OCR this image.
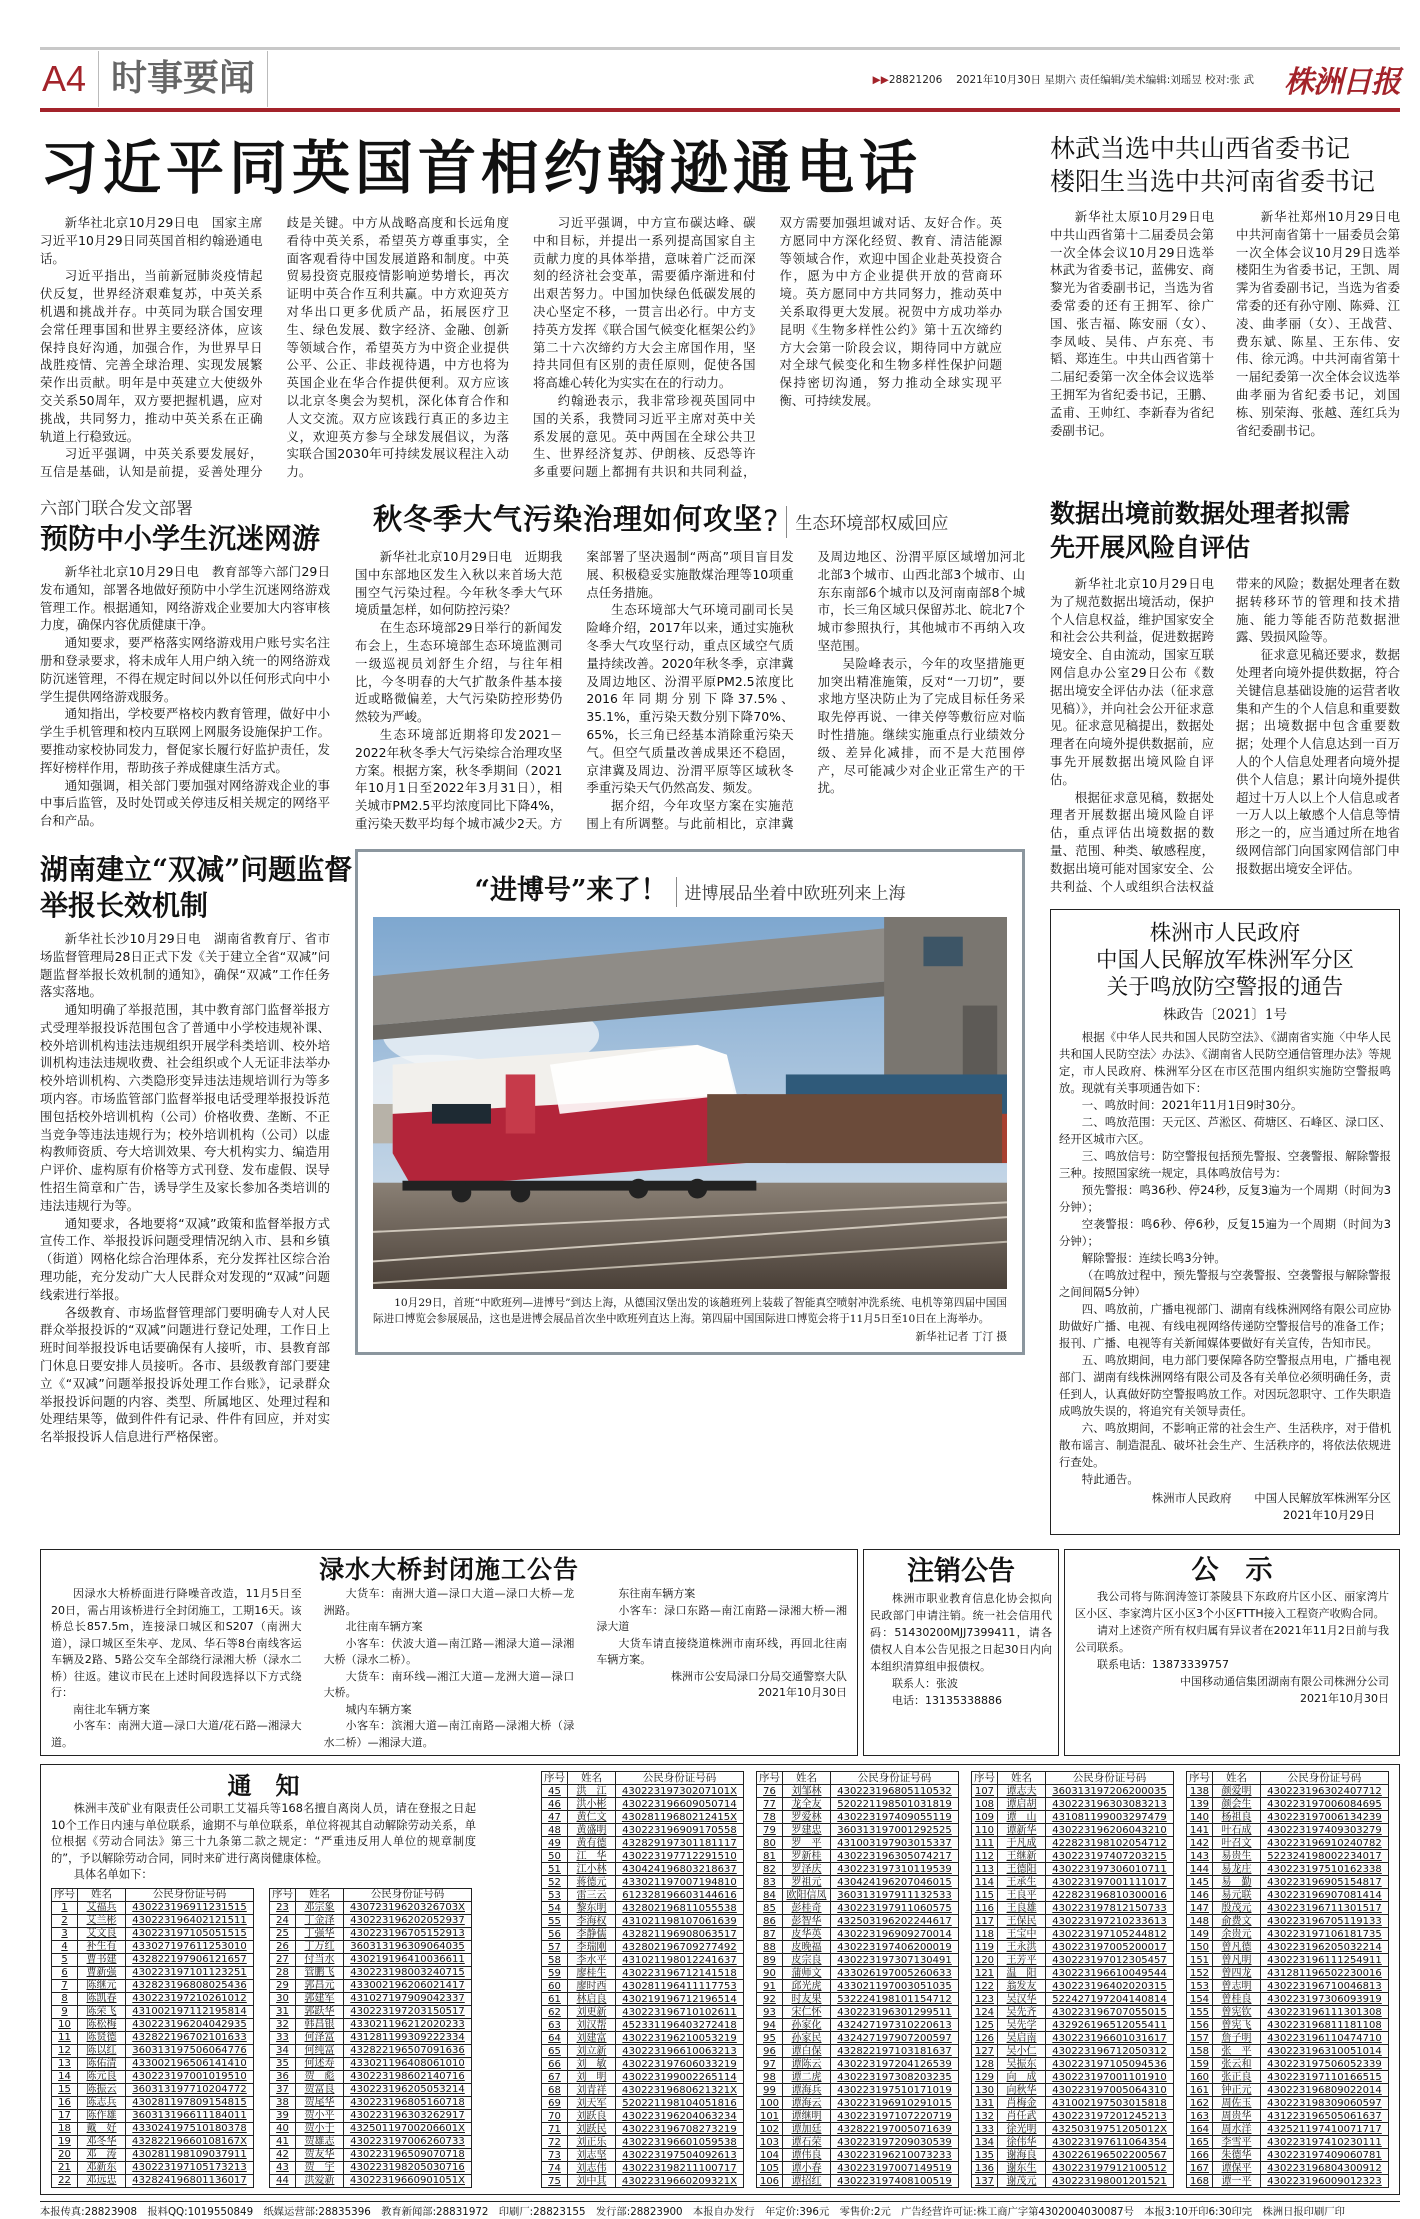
A4 时事要闻	▶▶28821206　 2021年10月30日 星期六 责任编辑/美术编辑:刘瑶昱 校对:张 武	株洲日报
习近平同英国首相约翰逊通电话

新华社北京10月29日电　国家主席习近平10月29日同英国首相约翰逊通电话。

习近平指出，当前新冠肺炎疫情起伏反复，世界经济艰难复苏，中英关系机遇和挑战并存。中英同为联合国安理会常任理事国和世界主要经济体，应该保持良好沟通，加强合作，为世界早日战胜疫情、完善全球治理、实现发展繁荣作出贡献。明年是中英建立大使级外交关系50周年，双方要把握机遇，应对挑战，共同努力，推动中英关系在正确轨道上行稳致远。

习近平强调，中英关系要发展好，互信是基础，认知是前提，妥善处理分歧是关键。中方从战略高度和长远角度看待中英关系，希望英方尊重事实，全面客观看待中国发展道路和制度。中英贸易投资克服疫情影响逆势增长，再次证明中英合作互利共赢。中方欢迎英方对华出口更多优质产品，拓展医疗卫生、绿色发展、数字经济、金融、创新等领域合作，希望英方为中资企业提供公平、公正、非歧视待遇，中方也将为英国企业在华合作提供便利。双方应该以北京冬奥会为契机，深化体育合作和人文交流。双方应该践行真正的多边主义，欢迎英方参与全球发展倡议，为落实联合国2030年可持续发展议程注入动力。

习近平强调，中方宣布碳达峰、碳中和目标，并提出一系列提高国家自主贡献力度的具体举措，意味着广泛而深刻的经济社会变革，需要循序渐进和付出艰苦努力。中国加快绿色低碳发展的决心坚定不移，一贯言出必行。中方支持英方发挥《联合国气候变化框架公约》第二十六次缔约方大会主席国作用，坚持共同但有区别的责任原则，促使各国将高雄心转化为实实在在的行动力。

约翰逊表示，我非常珍视英国同中国的关系，我赞同习近平主席对英中关系发展的意见。英中两国在全球公共卫生、世界经济复苏、伊朗核、反恐等许多重要问题上都拥有共识和共同利益，双方需要加强坦诚对话、友好合作。英方愿同中方深化经贸、教育、清洁能源等领域合作，欢迎中国企业赴英投资合作，愿为中方企业提供开放的营商环境。英方愿同中方共同努力，推动英中关系取得更大发展。祝贺中方成功举办昆明《生物多样性公约》第十五次缔约方大会第一阶段会议，期待同中方就应对全球气候变化和生物多样性保护问题保持密切沟通，努力推动全球实现平衡、可持续发展。

林武当选中共山西省委书记
楼阳生当选中共河南省委书记

新华社太原10月29日电　中共山西省第十二届委员会第一次全体会议10月29日选举林武为省委书记，蓝佛安、商黎光为省委副书记，当选为省委常委的还有王拥军、徐广国、张吉福、陈安丽（女）、李凤岐、吴伟、卢东亮、韦韬、郑连生。中共山西省第十二届纪委第一次全体会议选举王拥军为省纪委书记，王鹏、孟甫、王帅红、李新春为省纪委副书记。

新华社郑州10月29日电　中共河南省第十一届委员会第一次全体会议10月29日选举楼阳生为省委书记，王凯、周霁为省委副书记，当选为省委常委的还有孙守刚、陈舜、江凌、曲孝丽（女）、王战营、费东斌、陈星、王东伟、安伟、徐元鸿。中共河南省第十一届纪委第一次全体会议选举曲孝丽为省纪委书记，刘国栋、别荣海、张越、莲红兵为省纪委副书记。

六部门联合发文部署
预防中小学生沉迷网游

新华社北京10月29日电　教育部等六部门29日发布通知，部署各地做好预防中小学生沉迷网络游戏管理工作。根据通知，网络游戏企业要加大内容审核力度，确保内容优质健康干净。

通知要求，要严格落实网络游戏用户账号实名注册和登录要求，将未成年人用户纳入统一的网络游戏防沉迷管理，不得在规定时间以外以任何形式向中小学生提供网络游戏服务。

通知指出，学校要严格校内教育管理，做好中小学生手机管理和校内互联网上网服务设施保护工作。要推动家校协同发力，督促家长履行好监护责任，发挥好榜样作用，帮助孩子养成健康生活方式。

通知强调，相关部门要加强对网络游戏企业的事中事后监管，及时处罚或关停违反相关规定的网络平台和产品。

湖南建立“双减”问题监督
举报长效机制

新华社长沙10月29日电　湖南省教育厅、省市场监督管理局28日正式下发《关于建立全省“双减”问题监督举报长效机制的通知》，确保“双减”工作任务落实落地。

通知明确了举报范围，其中教育部门监督举报方式受理举报投诉范围包含了普通中小学校违规补课、校外培训机构违法违规组织开展学科类培训、校外培训机构违法违规收费、社会组织或个人无证非法举办校外培训机构、六类隐形变异违法违规培训行为等多项内容。市场监管部门监督举报电话受理举报投诉范围包括校外培训机构（公司）价格收费、垄断、不正当竞争等违法违规行为；校外培训机构（公司）以虚构教师资质、夸大培训效果、夸大机构实力、编造用户评价、虚构原有价格等方式刊登、发布虚假、误导性招生简章和广告，诱导学生及家长参加各类培训的违法违规行为等。

通知要求，各地要将“双减”政策和监督举报方式宣传工作、举报投诉问题受理情况纳入市、县和乡镇（街道）网格化综合治理体系，充分发挥社区综合治理功能，充分发动广大人民群众对发现的“双减”问题线索进行举报。

各级教育、市场监督管理部门要明确专人对人民群众举报投诉的“双减”问题进行登记处理，工作日上班时间举报投诉电话要确保有人接听，市、县教育部门休息日要安排人员接听。各市、县级教育部门要建立《“双减”问题举报投诉处理工作台账》，记录群众举报投诉问题的内容、类型、所属地区、处理过程和处理结果等，做到件件有记录、件件有回应，并对实名举报投诉人信息进行严格保密。

秋冬季大气污染治理如何攻坚 ? 生态环境部权威回应

新华社北京10月29日电　近期我国中东部地区发生入秋以来首场大范围空气污染过程。今年秋冬季大气环境质量怎样，如何防控污染？

在生态环境部29日举行的新闻发布会上，生态环境部生态环境监测司一级巡视员刘舒生介绍，与往年相比，今冬明春的大气扩散条件基本接近或略微偏差，大气污染防控形势仍然较为严峻。

生态环境部近期将印发2021－2022年秋冬季大气污染综合治理攻坚方案。根据方案，秋冬季期间（2021年10月1日至2022年3月31日），相关城市PM2.5平均浓度同比下降4%，重污染天数平均每个城市减少2天。方案部署了坚决遏制“两高”项目盲目发展、积极稳妥实施散煤治理等10项重点任务措施。

生态环境部大气环境司副司长吴险峰介绍，2017年以来，通过实施秋冬季大气攻坚行动，重点区域空气质量持续改善。2020年秋冬季，京津冀及周边地区、汾渭平原PM2.5浓度比2016年同期分别下降37.5%、35.1%，重污染天数分别下降70%、65%，长三角已经基本消除重污染天气。但空气质量改善成果还不稳固，京津冀及周边、汾渭平原等区域秋冬季重污染天气仍然高发、频发。

据介绍，今年攻坚方案在实施范围上有所调整。与此前相比，京津冀及周边地区、汾渭平原区域增加河北北部3个城市、山西北部3个城市、山东东南部6个城市以及河南南部8个城市，长三角区域只保留苏北、皖北7个城市参照执行，其他城市不再纳入攻坚范围。

吴险峰表示，今年的攻坚措施更加突出精准施策，反对“一刀切”，要求地方坚决防止为了完成目标任务采取先停再说、一律关停等敷衍应对临时性措施。继续实施重点行业绩效分级、差异化减排，而不是大范围停产，尽可能减少对企业正常生产的干扰。

“进博号”来了！ 进博展品坐着中欧班列来上海
10月29日，首班“中欧班列—进博号”到达上海，从德国汉堡出发的该趟班列上装载了智能真空喷射冲洗系统、电机等第四届中国国际进口博览会参展展品，这也是进博会展品首次坐中欧班列直达上海。第四届中国国际进口博览会将于11月5日至10日在上海举办。
新华社记者 丁汀 摄
数据出境前数据处理者拟需
先开展风险自评估

新华社北京10月29日电　为了规范数据出境活动，保护个人信息权益，维护国家安全和社会公共利益，促进数据跨境安全、自由流动，国家互联网信息办公室29日公布《数据出境安全评估办法（征求意见稿）》，并向社会公开征求意见。征求意见稿提出，数据处理者在向境外提供数据前，应事先开展数据出境风险自评估。

根据征求意见稿，数据处理者开展数据出境风险自评估，重点评估出境数据的数量、范围、种类、敏感程度，数据出境可能对国家安全、公共利益、个人或组织合法权益带来的风险；数据处理者在数据转移环节的管理和技术措施、能力等能否防范数据泄露、毁损风险等。

征求意见稿还要求，数据处理者向境外提供数据，符合关键信息基础设施的运营者收集和产生的个人信息和重要数据；出境数据中包含重要数据；处理个人信息达到一百万人的个人信息处理者向境外提供个人信息；累计向境外提供超过十万人以上个人信息或者一万人以上敏感个人信息等情形之一的，应当通过所在地省级网信部门向国家网信部门申报数据出境安全评估。

株洲市人民政府
中国人民解放军株洲军分区
关于鸣放防空警报的通告
株政告〔2021〕1号

根据《中华人民共和国人民防空法》、《湖南省实施〈中华人民共和国人民防空法〉办法》、《湖南省人民防空通信管理办法》等规定，市人民政府、株洲军分区在市区范围内组织实施防空警报鸣放。现就有关事项通告如下：

一、鸣放时间：2021年11月1日9时30分。

二、鸣放范围：天元区、芦淞区、荷塘区、石峰区、渌口区、经开区城市六区。

三、鸣放信号：防空警报包括预先警报、空袭警报、解除警报三种。按照国家统一规定，具体鸣放信号为：

预先警报：鸣36秒、停24秒，反复3遍为一个周期（时间为3分钟）；

空袭警报：鸣6秒、停6秒，反复15遍为一个周期（时间为3分钟）；

解除警报：连续长鸣3分钟。

（在鸣放过程中，预先警报与空袭警报、空袭警报与解除警报之间间隔5分钟）

四、鸣放前，广播电视部门、湖南有线株洲网络有限公司应协助做好广播、电视、有线电视网络传递防空警报信号的准备工作；报刊、广播、电视等有关新闻媒体要做好有关宣传，告知市民。

五、鸣放期间，电力部门要保障各防空警报点用电，广播电视部门、湖南有线株洲网络有限公司及各有关单位必须明确任务，责任到人，认真做好防空警报鸣放工作。对因玩忽职守、工作失职造成鸣放失误的，将追究有关领导责任。

六、鸣放期间，不影响正常的社会生产、生活秩序，对于借机散布谣言、制造混乱、破坏社会生产、生活秩序的，将依法依规进行查处。

特此通告。

株洲市人民政府　　中国人民解放军株洲军分区
2021年10月29日
渌水大桥封闭施工公告

因渌水大桥桥面进行降噪音改造，11月5日至20日，需占用该桥进行全封闭施工，工期16天。该桥总长857.5m，连接渌口城区和S207（南洲大道），渌口城区至朱亭、龙凤、华石等8台南线客运车辆及2路、5路公交车全部绕行渌湘大桥（渌水二桥）往返。建议市民在上述时间段选择以下方式绕行：

南往北车辆方案

小客车：南洲大道—渌口大道/花石路—湘渌大道。

大货车：南洲大道—渌口大道—渌口大桥—龙洲路。

北往南车辆方案

小客车：伏波大道—南江路—湘渌大道—渌湘大桥（渌水二桥）。

大货车：南环线—湘江大道—龙洲大道—渌口大桥。

城内车辆方案

小客车：滨湘大道—南江南路—渌湘大桥（渌水二桥）—湘渌大道。

东往南车辆方案

小客车：渌口东路—南江南路—渌湘大桥—湘渌大道

大货车请直接绕道株洲市南环线，再回北往南车辆方案。

株洲市公安局渌口分局交通警察大队
2021年10月30日
注销公告

株洲市职业教育信息化协会拟向民政部门申请注销。统一社会信用代码：51430200MJJ7399411，请各债权人自本公告见报之日起30日内向本组织清算组申报债权。

联系人：张波
电话：13135338886
公　示

我公司将与陈润涛签订茶陵县下东政府片区小区、丽家湾片区小区、李家湾片区小区3个小区FTTH接入工程资产收购合同。

请对上述资产所有权归属有异议者在2021年11月2日前与我公司联系。

联系电话：13873339757

中国移动通信集团湖南有限公司株洲分公司
2021年10月30日
通　知

株洲丰茂矿业有限责任公司职工艾福兵等168名擅自离岗人员，请在登报之日起10个工作日内速与单位联系，逾期不与单位联系，单位将视其自动解除劳动关系，单位根据《劳动合同法》第三十九条第二款之规定：“严重违反用人单位的规章制度的”，予以解除劳动合同，同时来矿进行离岗健康体检。

具体名单如下：

序号	姓名	公民身份证号码
1	艾福兵	430223196911231515
2	艾兰彬	430223196402121511
3	艾文良	430223197105051515
4	补生有	433027197611253010
5	曹书建	432822197906121657
6	曹新强	430223197101123251
7	陈继元	432823196808025436
8	陈凯春	430223197210261012
9	陈荣飞	431002197112195814
10	陈松梅	430223196204042935
11	陈贤德	432822196702101633
12	陈以红	360313197506064776
13	陈佑清	433002196506141410
14	陈元良	430223197001019510
15	陈振云	360313197710204772
16	陈志兵	430281197809154815
17	陈作雄	360313196611184011
18	戴　好	433024197510180378
19	邓冬华	43282219660108167X
20	邓　涛	430281198109037911
21	邓新东	430223197105173213
22	邓远忠	432824196801136017
序号	姓名	公民身份证号码
23	邓宗象	43072319620326703X
24	丁金泽	430223196202052937
25	丁强华	430223196705152913
26	丁万红	360313196309064035
27	付当水	430219196410036611
28	管鹏飞	430223198003240715
29	郭昌元	433002196206021417
30	郭建军	431027197909042337
31	郭跃华	430223197203150517
32	韩昌银	433021196212020233
33	何泽富	431281199309222334
34	何纯富	432822196507091636
35	何述寿	433021196408061010
36	贺　彪	430223198602140716
37	贺富良	430223196205053214
38	贺尾华	430223196805160718
39	贺小平	430223196303262917
40	贺小于	43250119700206601X
41	贺雄志	430223197006260733
42	贺友华	430223196509070718
43	贺　宇	430223198205030716
44	洪爱新	43022319660901051X
序号	姓名	公民身份证号码
45	洪　江	43022319730207101X
46	洪小彬	430223196609050714
47	黄仁文	43028119680212415X
48	黄盛明	430223196909170558
49	黄有德	432829197301181117
50	江　华	430223197712291510
51	江小林	430424196803218637
52	蒋德元	433021197007194810
53	雷三云	612328196603144616
54	黎东明	432802196811055538
55	李海权	431021198107061639
56	李静儒	432821196908063517
57	李瑞刚	432802196709277492
58	李水平	431021198012241637
59	廖桂生	430223196712141518
60	廖时西	430281196411117753
61	林启良	430219196712196514
62	刘更新	430223196710102611
63	刘汉帮	452331196403272418
64	刘建富	430223196210053219
65	刘立新	430223196610063213
66	刘　敏	430223197606033219
67	刘　明	430223199002265114
68	刘青祥	43022319680621321X
69	刘天军	520221198104051816
70	刘跃良	430223196204063234
71	刘跃民	430223196708273219
72	刘正乐	430223196601059538
73	刘志坚	430223197504092613
74	刘志伟	430223198211100717
75	刘中其	43022319660209321X
序号	姓名	公民身份证号码
76	刘邹林	430223196805110532
77	龙全友	520221198501031819
78	罗爱林	430223197409055119
79	罗建忠	360313197001292525
80	罗　平	431003197903015337
81	罗新桂	430223196305074217
82	罗泽庆	430223197310119539
83	罗祖元	430424196207046015
84	欧阳信凤	360313197911132533
85	彭桂奇	430223197911060575
86	彭智华	432503196202244617
87	皮华英	430223196909270014
88	皮晚福	430223197406200019
89	皮宗良	430223197307130491
90	蒲师文	433026197005260633
91	邱光虎	433021197003051035
92	时友果	532224198101154712
93	宋仁怀	430223196301299511
94	孙家化	432427197310220613
95	孙家民	432427197907200597
96	谭白保	432822197103181637
97	谭陈云	430223197204126539
98	谭二虎	430223197308203235
99	谭海兵	430223197510171019
100	谭海云	430223196910291015
101	谭继明	430223197107220719
102	谭加廷	432822197005071639
103	谭石荣	430223197209030539
104	谭伟良	430223196210073233
105	谭小春	430223197007149519
106	谭招红	430223197408100519
序号	姓名	公民身份证号码
107	谭志夫	360313197206200035
108	谭启胡	430223196303083213
109	谭　山	431081199003297479
110	谭新华	430223196206043210
111	于凡成	422823198102054712
112	王继新	430223197407203215
113	王德阳	430223197306010711
114	王承生	430223197001111017
115	王良平	422823196810300016
116	王良雄	430223197812150733
117	王保民	430223197210233613
118	王宝中	430223197105244812
119	王永洪	430223197005200017
120	王芳平	430223197012305457
121	温　阳	430223196610049544
122	翁发友	430223196402020315
123	吴汉华	522427197204140814
124	吴先齐	430223196707055015
125	吴先学	432926196512055411
126	吴启南	430223196601031617
127	吴小仁	430223196712050312
128	吴振东	430223197105094536
129	向　成	430223197001101910
130	向秋华	430223197005064310
131	肖梅金	431002197503015818
132	肖任武	430223197201245213
133	徐光明	43250319751205012X
134	徐伟华	430223197611064354
135	谢海良	430226196502200567
136	谢东生	430223197912100512
137	谢茂元	430223198001201521
序号	姓名	公民身份证号码
138	颜爱明	430223196302407712
139	颜会生	430223197006084695
140	杨祖良	430223197006134239
141	叶石成	430223197409303279
142	叶召文	430223196910240782
143	易贵生	522324198002234017
144	易龙庄	430223197510162338
145	易　勤	430223196905154817
146	易元联	430223196907081414
147	殷茂元	430223196711301517
148	俞费文	430223196705119133
149	余贵元	430223197106181735
150	曾凡德	430223196205032214
151	曾凡明	430223196111254911
152	曾四龙	431281196502230016
153	曾志明	430223196710046813
154	曾桂良	430223197306093919
155	曾宪钦	430223196111301308
156	曾宪飞	430223196811181108
157	詹子明	430223196110474710
158	张　平	430223196310051014
159	张云和	430223197506052339
160	张正良	430223197110166515
161	钟正元	430223196809022014
162	周佐玉	430223198309060597
163	周贵华	431223196505061637
164	周水洋	432521197410071717
165	李雪平	430223197410230111
166	朱德华	430223197409060781
167	谭保平	430223196804300912
168	谭一平	430223196009012323
本报传真:28823908　报料QQ:1019550849　纸媒运营部:28835396　教育新闻部:28831972　印刷厂:28823155　发行部:28823900　本报自办发行　年定价:396元　零售价:2元　广告经营许可证:株工商广字第4302004030087号　本报3:10开印6:30印完　株洲日报印刷厂印
